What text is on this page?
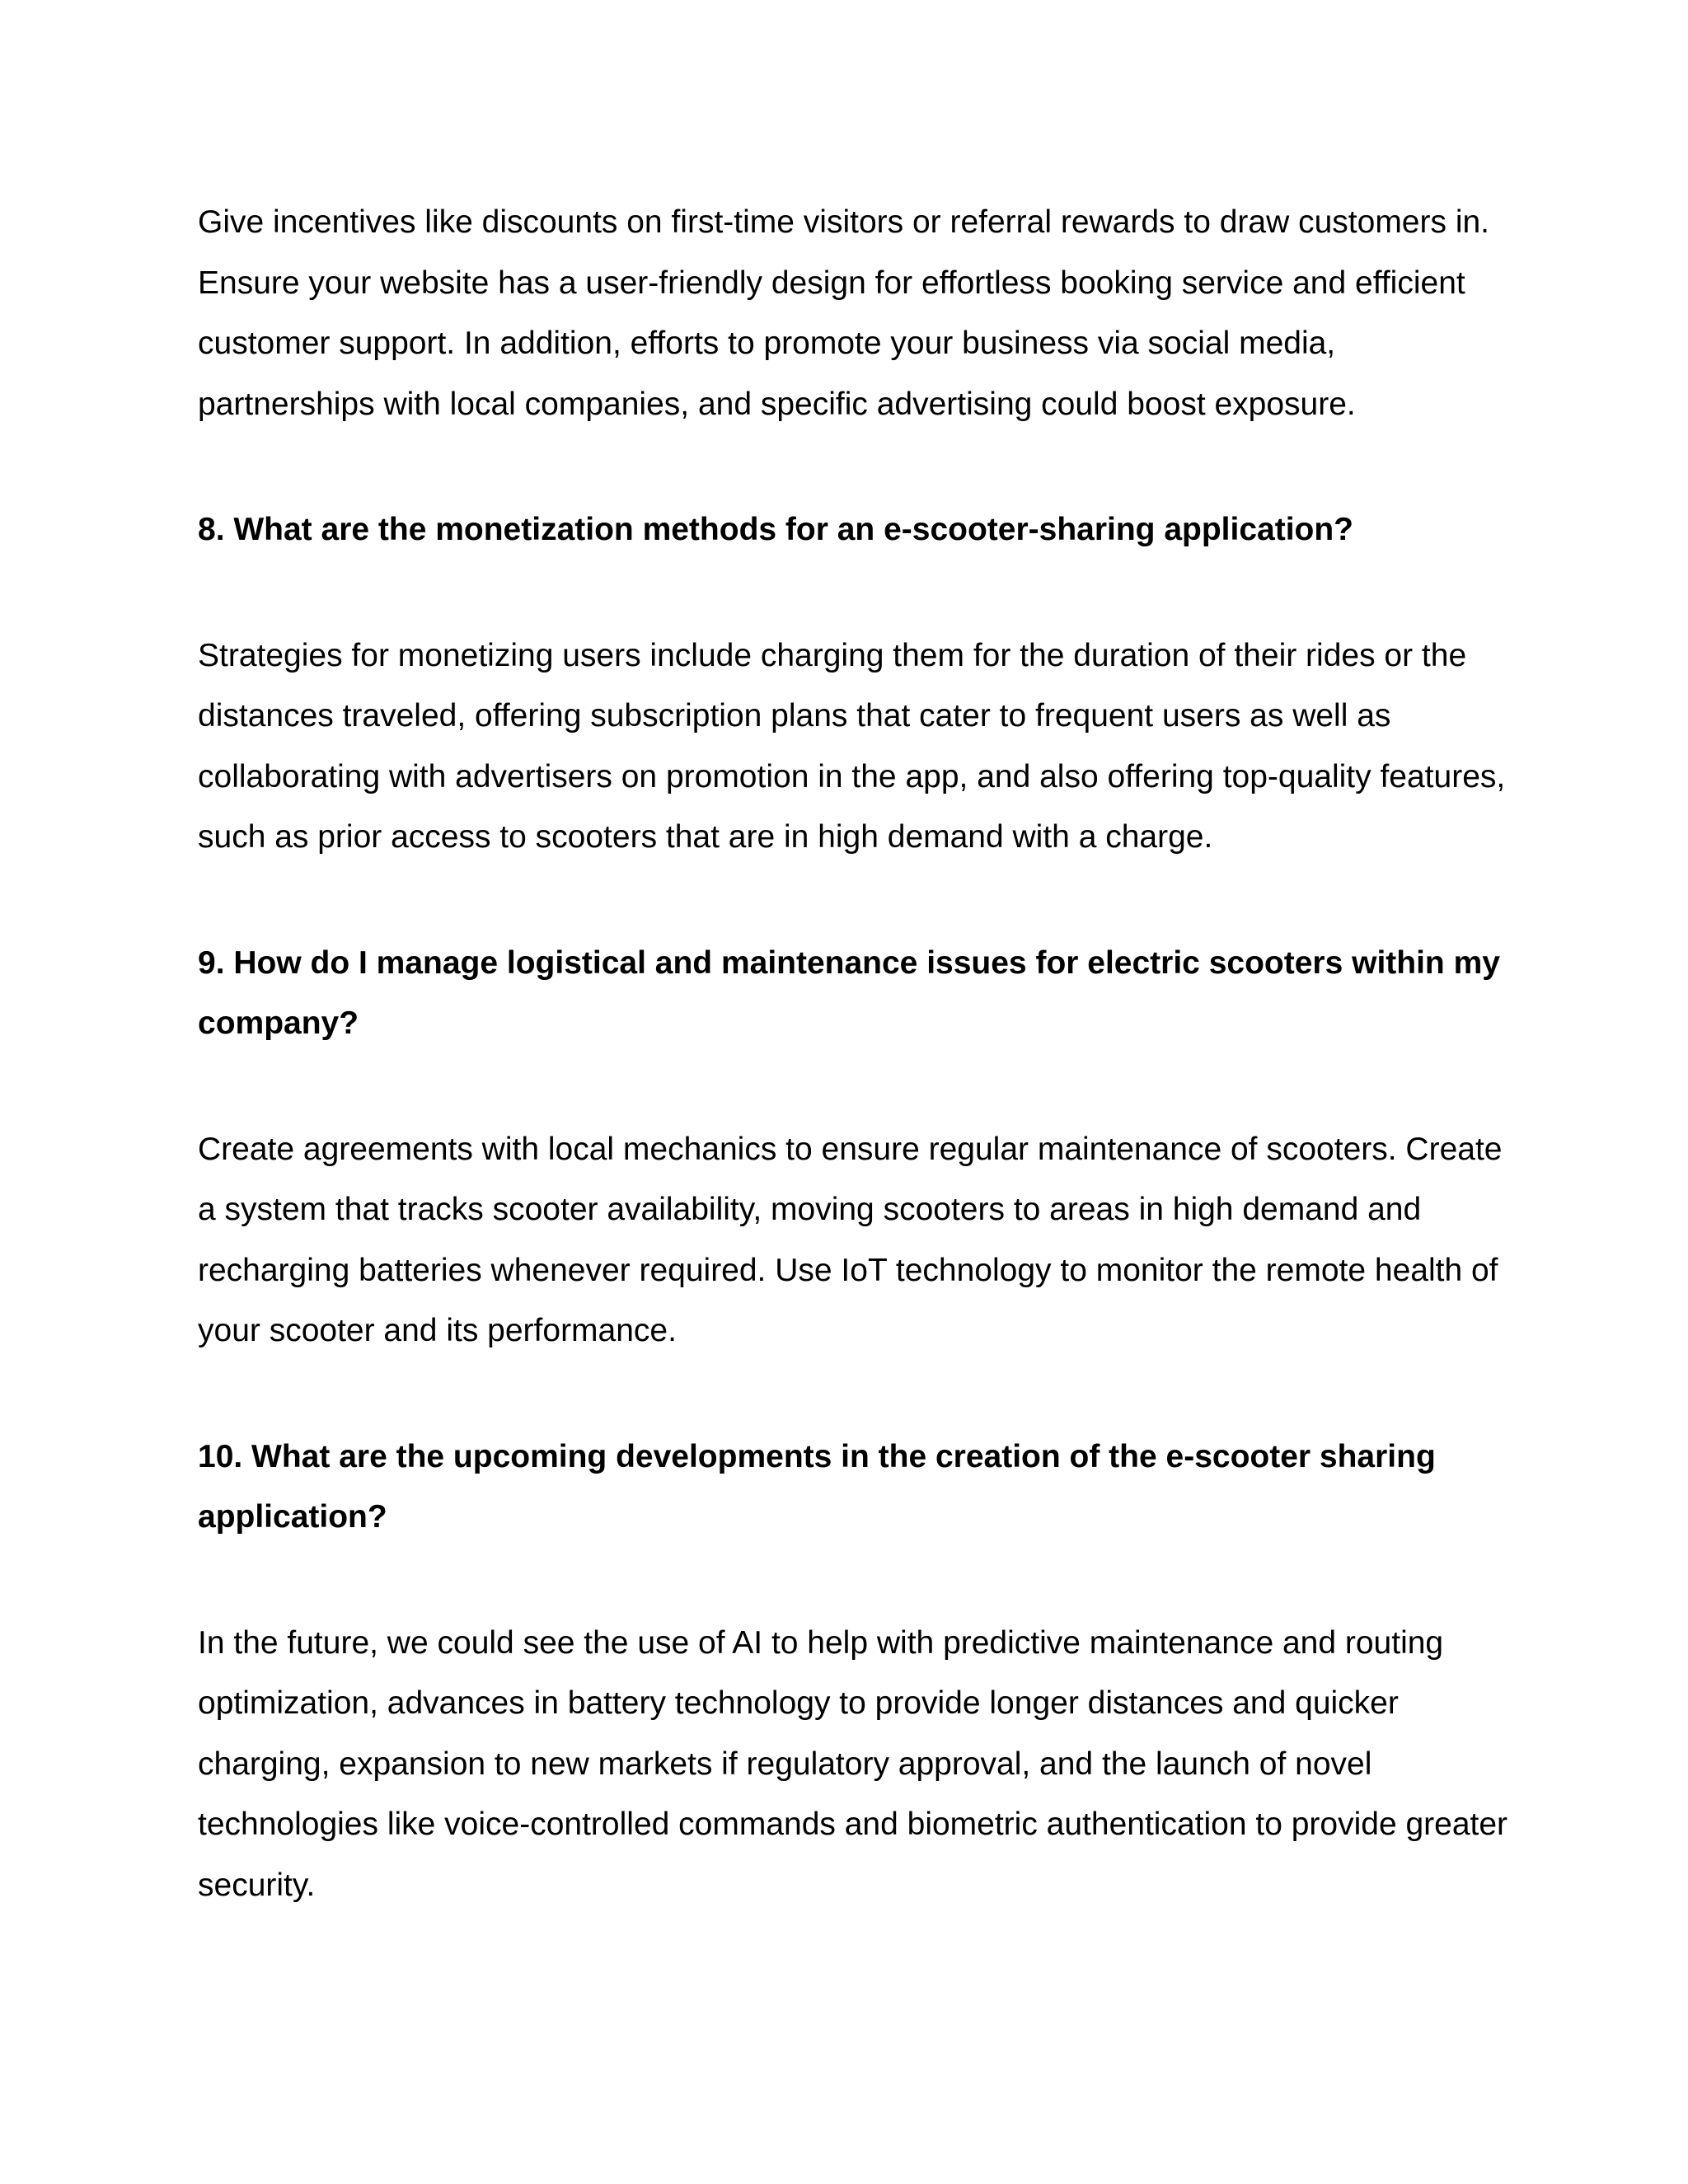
Give incentives like discounts on first-time visitors or referral rewards to draw customers in. Ensure your website has a user-friendly design for effortless booking service and efficient customer support. In addition, efforts to promote your business via social media, partnerships with local companies, and specific advertising could boost exposure.

8. What are the monetization methods for an e-scooter-sharing application?

Strategies for monetizing users include charging them for the duration of their rides or the distances traveled, offering subscription plans that cater to frequent users as well as collaborating with advertisers on promotion in the app, and also offering top-quality features, such as prior access to scooters that are in high demand with a charge.

9. How do I manage logistical and maintenance issues for electric scooters within my company?

Create agreements with local mechanics to ensure regular maintenance of scooters. Create a system that tracks scooter availability, moving scooters to areas in high demand and recharging batteries whenever required. Use IoT technology to monitor the remote health of your scooter and its performance.

10. What are the upcoming developments in the creation of the e-scooter sharing application?

In the future, we could see the use of AI to help with predictive maintenance and routing optimization, advances in battery technology to provide longer distances and quicker charging, expansion to new markets if regulatory approval, and the launch of novel technologies like voice-controlled commands and biometric authentication to provide greater security.
